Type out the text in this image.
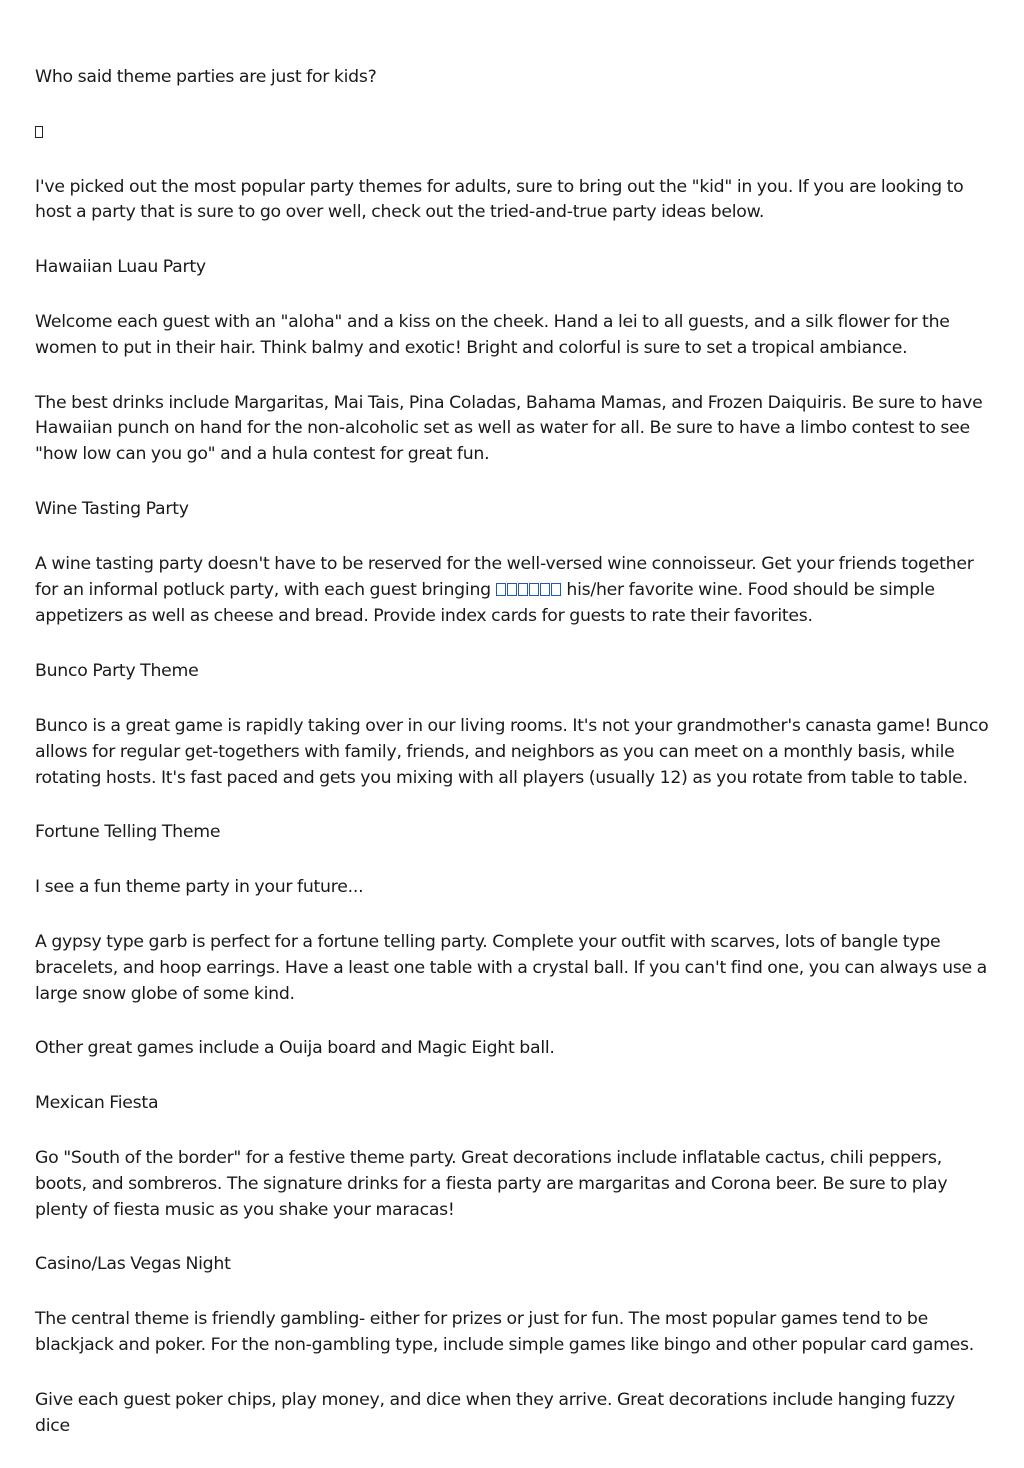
Who said theme parties are just for kids?

I've picked out the most popular party themes for adults, sure to bring out the "kid" in you. If you are looking to host a party that is sure to go over well, check out the tried-and-true party ideas below.

Hawaiian Luau Party

Welcome each guest with an "aloha" and a kiss on the cheek. Hand a lei to all guests, and a silk flower for the women to put in their hair. Think balmy and exotic! Bright and colorful is sure to set a tropical ambiance.

The best drinks include Margaritas, Mai Tais, Pina Coladas, Bahama Mamas, and Frozen Daiquiris. Be sure to have Hawaiian punch on hand for the non-alcoholic set as well as water for all. Be sure to have a limbo contest to see "how low can you go" and a hula contest for great fun.

Wine Tasting Party

A wine tasting party doesn't have to be reserved for the well-versed wine connoisseur. Get your friends together for an informal potluck party, with each guest bringing	his/her favorite wine. Food should be simple appetizers as well as cheese and bread. Provide index cards for guests to rate their favorites.

Bunco Party Theme

Bunco is a great game is rapidly taking over in our living rooms. It's not your grandmother's canasta game! Bunco allows for regular get-togethers with family, friends, and neighbors as you can meet on a monthly basis, while rotating hosts. It's fast paced and gets you mixing with all players (usually 12) as you rotate from table to table.

Fortune Telling Theme

I see a fun theme party in your future...

A gypsy type garb is perfect for a fortune telling party. Complete your outfit with scarves, lots of bangle type bracelets, and hoop earrings. Have a least one table with a crystal ball. If you can't find one, you can always use a large snow globe of some kind.

Other great games include a Ouija board and Magic Eight ball.

Mexican Fiesta

Go "South of the border" for a festive theme party. Great decorations include inflatable cactus, chili peppers, boots, and sombreros. The signature drinks for a fiesta party are margaritas and Corona beer. Be sure to play plenty of fiesta music as you shake your maracas!

Casino/Las Vegas Night

The central theme is friendly gambling- either for prizes or just for fun. The most popular games tend to be blackjack and poker. For the non-gambling type, include simple games like bingo and other popular card games.

Give each guest poker chips, play money, and dice when they arrive. Great decorations include hanging fuzzy dice
